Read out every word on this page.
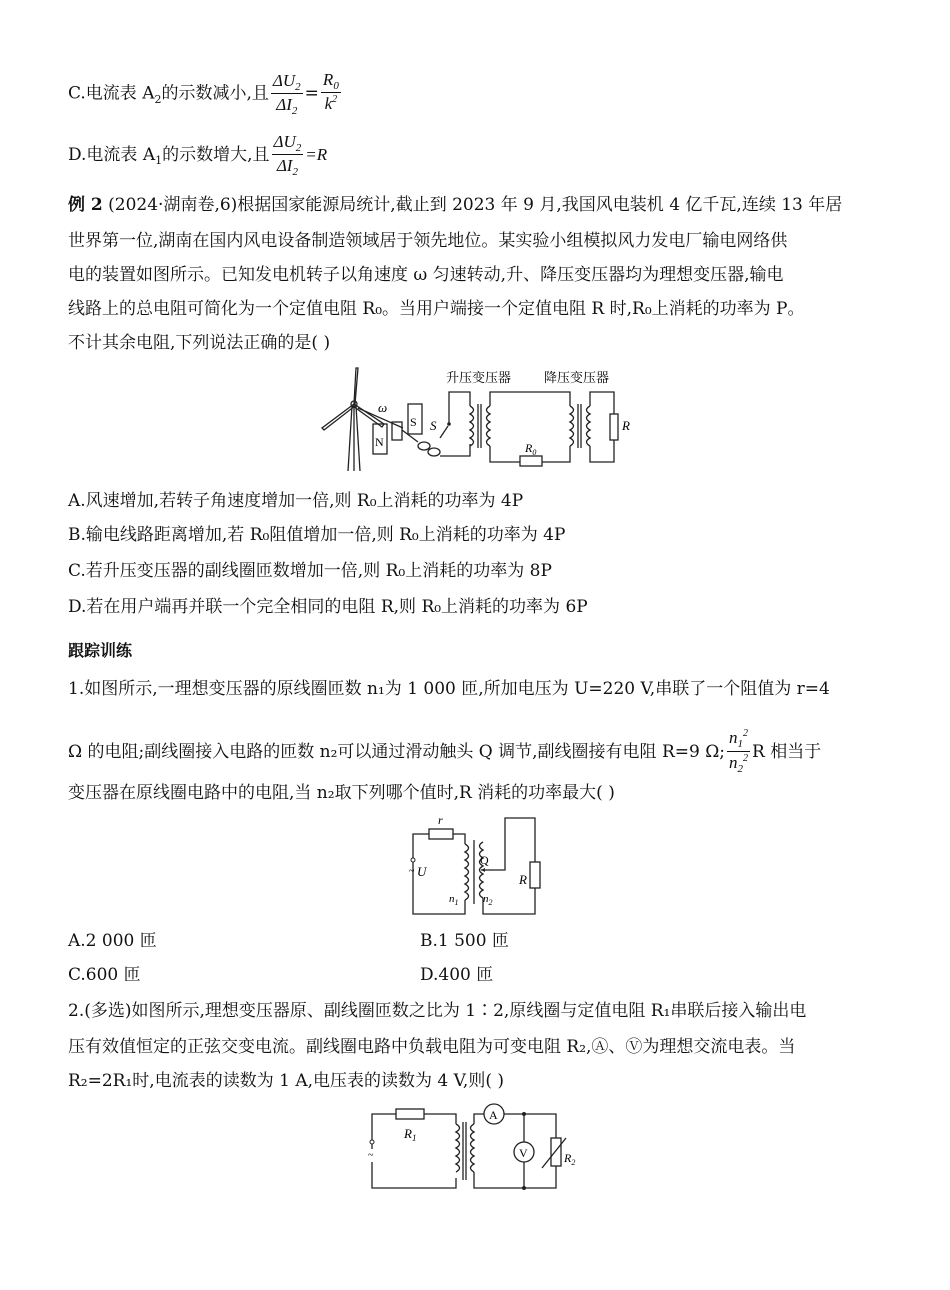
C.电流表 $A_2$的示数减小,且 $\frac{\Delta U_2}{\Delta I_2} = \frac{R_0}{k^2}$
D.电流表 $A_1$的示数增大,且 $\frac{\Delta U_2}{\Delta I_2} =R$
例 2 (2024·湖南卷,6)根据国家能源局统计,截止到 2023 年 9 月,我国风电装机 4 亿千瓦,连续 13 年居
世界第一位,湖南在国内风电设备制造领域居于领先地位。某实验小组模拟风力发电厂输电网络供
电的装置如图所示。已知发电机转子以角速度 ω 匀速转动,升、降压变压器均为理想变压器,输电
线路上的总电阻可简化为一个定值电阻 R₀。当用户端接一个定值电阻 R 时,R₀上消耗的功率为 P。
不计其余电阻,下列说法正确的是( )
ω
N
S S
升压变压器
$R_0$
降压变压器
R
A.风速增加,若转子角速度增加一倍,则 R₀上消耗的功率为 4P
B.输电线路距离增加,若 R₀阻值增加一倍,则 R₀上消耗的功率为 4P
C.若升压变压器的副线圈匝数增加一倍,则 R₀上消耗的功率为 8P
D.若在用户端再并联一个完全相同的电阻 R,则 R₀上消耗的功率为 6P
跟踪训练
1.如图所示,一理想变压器的原线圈匝数 n₁为 1 000 匝,所加电压为 U=220 V,串联了一个阻值为 r=4
Ω 的电阻;副线圈接入电路的匝数 n₂可以通过滑动触头 Q 调节,副线圈接有电阻 R=9 Ω; $\frac{n_1^2}{n_2^2}$ R 相当于
变压器在原线圈电路中的电阻,当 n₂取下列哪个值时,R 消耗的功率最大( )
r
~ U
Q
R
$n_1$ $n_2$
A.2 000 匝	B.1 500 匝
C.600 匝	D.400 匝
2.(多选)如图所示,理想变压器原、副线圈匝数之比为 1∶2,原线圈与定值电阻 R₁串联后接入输出电
压有效值恒定的正弦交变电流。副线圈电路中负载电阻为可变电阻 R₂,Ⓐ、Ⓥ为理想交流电表。当
R₂=2R₁时,电流表的读数为 1 A,电压表的读数为 4 V,则( )
$R_1$
~
A
V	$R_2$
